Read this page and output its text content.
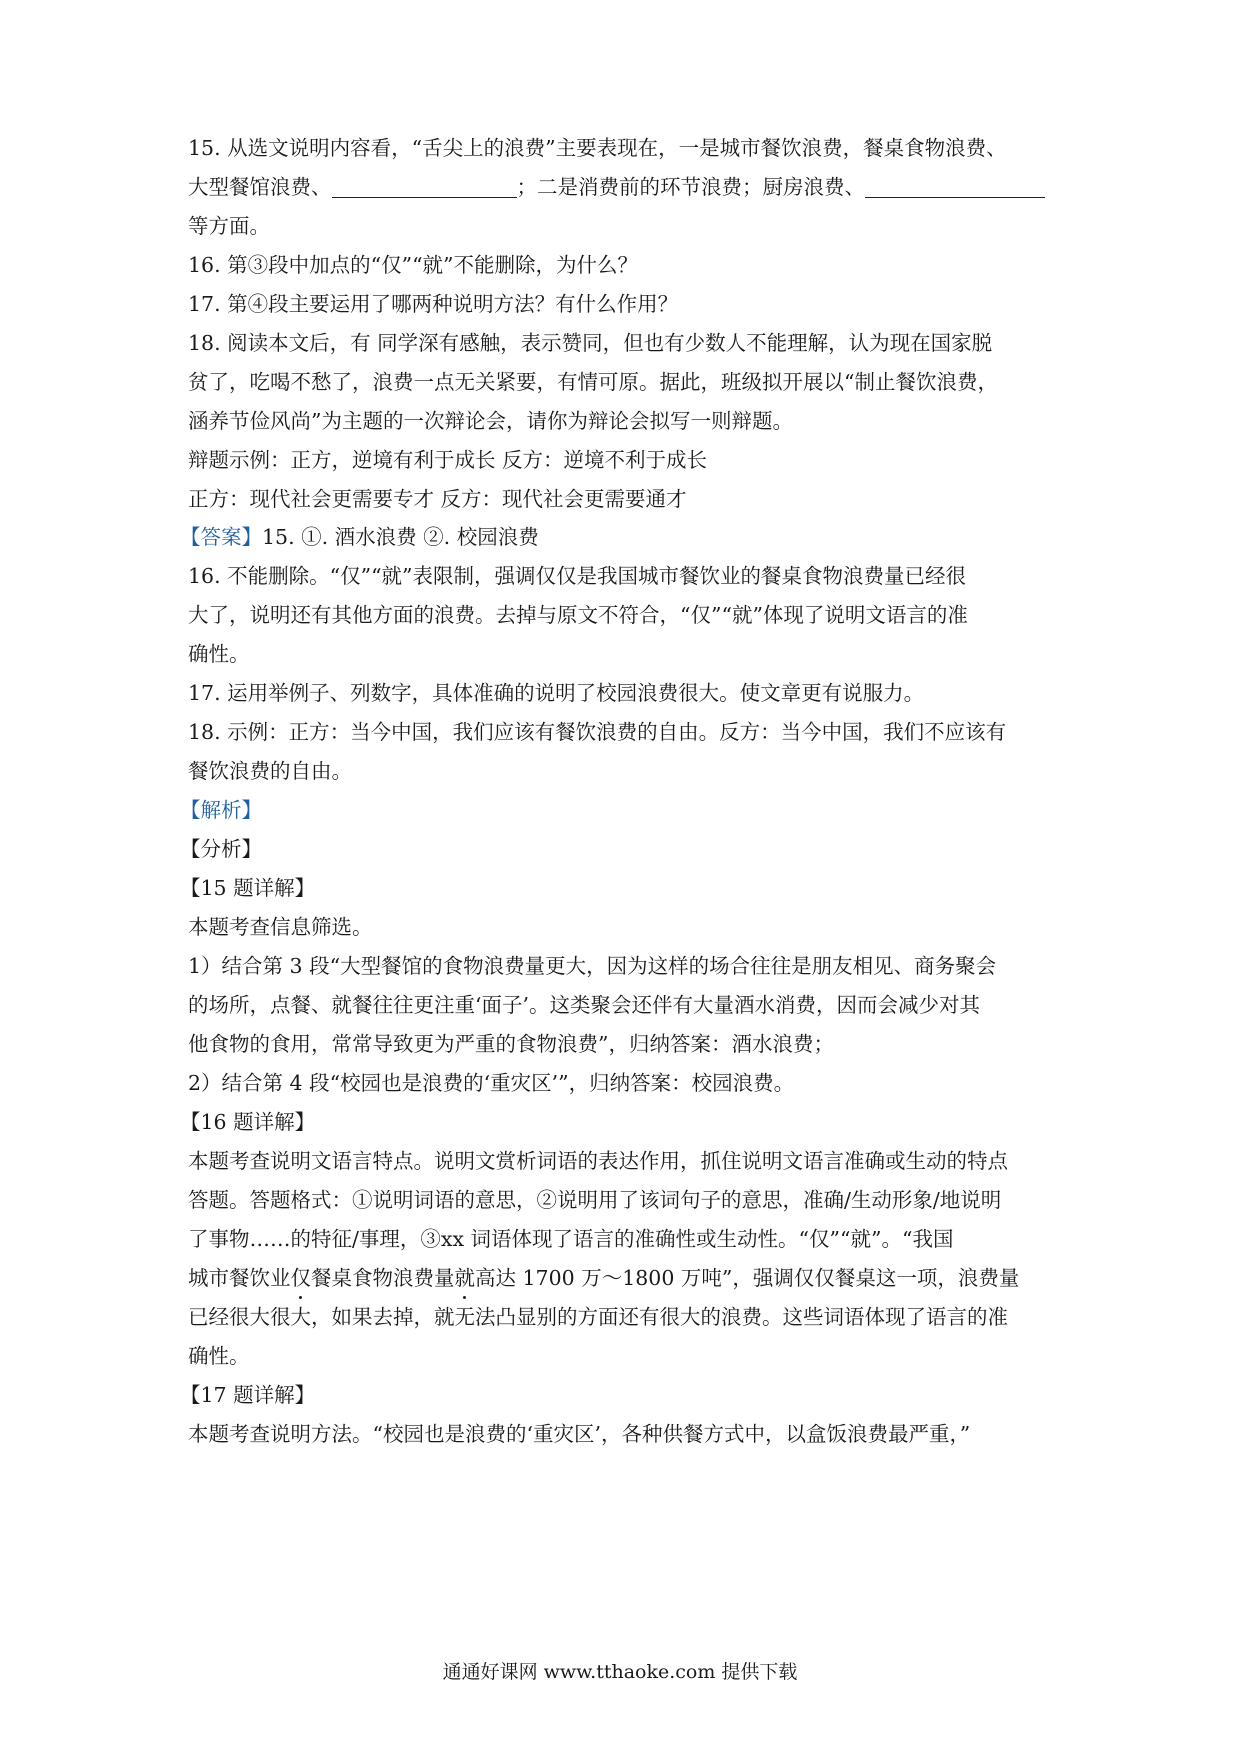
15. 从选文说明内容看，“舌尖上的浪费”主要表现在，一是城市餐饮浪费，餐桌食物浪费、
大型餐馆浪费、	；二是消费前的环节浪费；厨房浪费、
等方面。
16. 第③段中加点的“仅”“就”不能删除，为什么？
17. 第④段主要运用了哪两种说明方法？有什么作用？
18. 阅读本文后，有 同学深有感触，表示赞同，但也有少数人不能理解，认为现在国家脱
贫了，吃喝不愁了，浪费一点无关紧要，有情可原。据此，班级拟开展以“制止餐饮浪费，
涵养节俭风尚”为主题的一次辩论会，请你为辩论会拟写一则辩题。
辩题示例：正方，逆境有利于成长 反方：逆境不利于成长
正方：现代社会更需要专才 反方：现代社会更需要通才
【答案】15. ①. 酒水浪费 ②. 校园浪费
16. 不能删除。“仅”“就”表限制，强调仅仅是我国城市餐饮业的餐桌食物浪费量已经很
大了，说明还有其他方面的浪费。去掉与原文不符合，“仅”“就”体现了说明文语言的准
确性。
17. 运用举例子、列数字，具体准确的说明了校园浪费很大。使文章更有说服力。
18. 示例：正方：当今中国，我们应该有餐饮浪费的自由。反方：当今中国，我们不应该有
餐饮浪费的自由。
【解析】
【分析】
【15 题详解】
本题考查信息筛选。
1）结合第 3 段“大型餐馆的食物浪费量更大，因为这样的场合往往是朋友相见、商务聚会
的场所，点餐、就餐往往更注重‘面子’。这类聚会还伴有大量酒水消费，因而会减少对其
他食物的食用，常常导致更为严重的食物浪费”，归纳答案：酒水浪费；
2）结合第 4 段“校园也是浪费的‘重灾区’”，归纳答案：校园浪费。
【16 题详解】
本题考查说明文语言特点。说明文赏析词语的表达作用，抓住说明文语言准确或生动的特点
答题。答题格式：①说明词语的意思，②说明用了该词句子的意思，准确/生动形象/地说明
了事物……的特征/事理，③xx 词语体现了语言的准确性或生动性。“仅”“就”。“我国
城市餐饮业仅餐桌食物浪费量就高达 1700 万～1800 万吨”，强调仅仅餐桌这一项，浪费量
已经很大很大，如果去掉，就无法凸显别的方面还有很大的浪费。这些词语体现了语言的准
确性。
【17 题详解】
本题考查说明方法。“校园也是浪费的‘重灾区’，各种供餐方式中，以盒饭浪费最严重，”
通通好课网 www.tthaoke.com 提供下载
